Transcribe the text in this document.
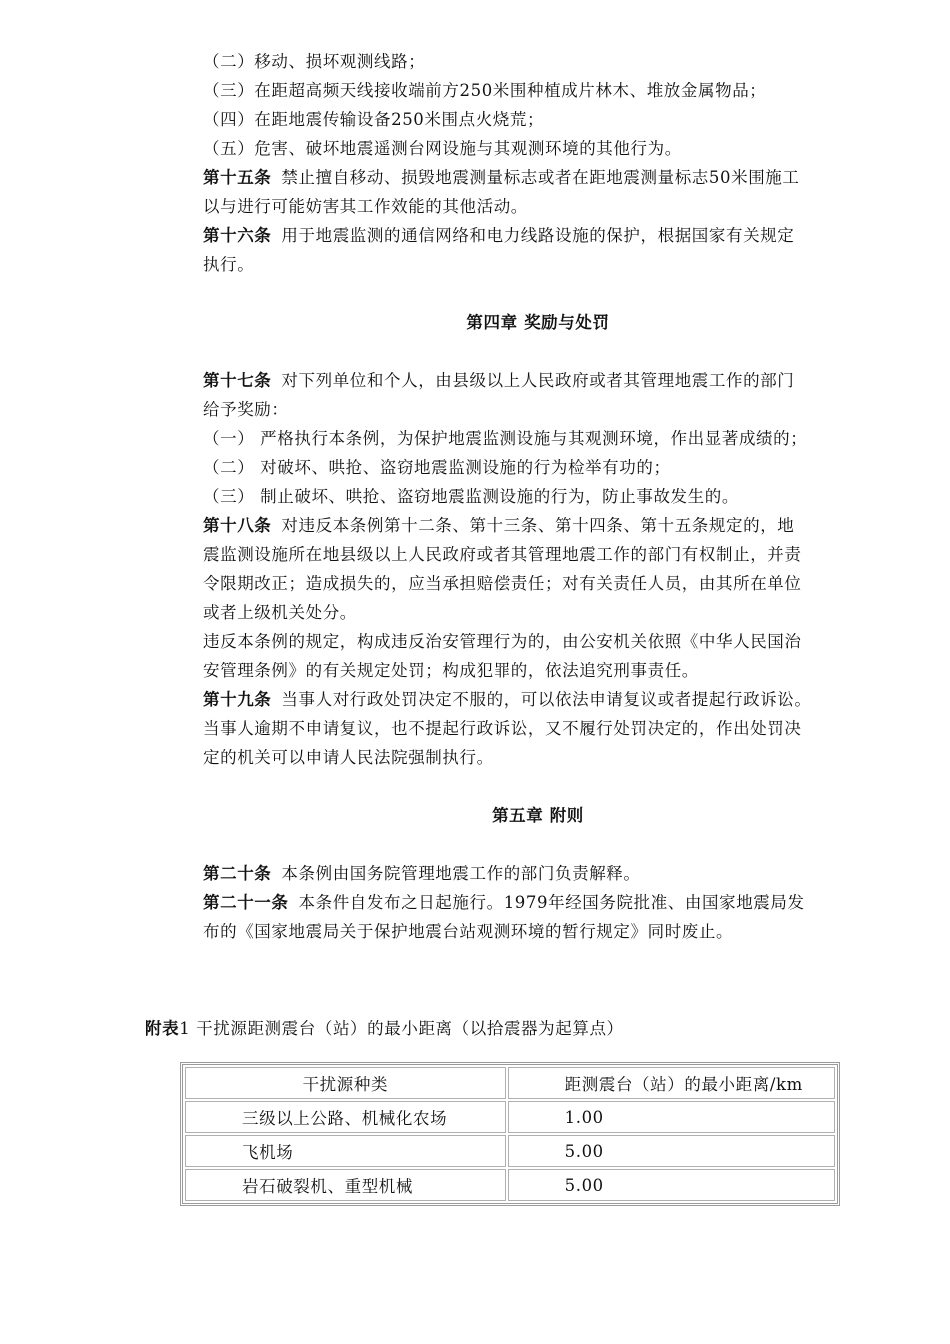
（二）移动、损坏观测线路；
（三）在距超高频天线接收端前方250米围种植成片林木、堆放金属物品；
（四）在距地震传输设备250米围点火烧荒；
（五）危害、破坏地震遥测台网设施与其观测环境的其他行为。
第十五条 禁止擅自移动、损毁地震测量标志或者在距地震测量标志50米围施工
以与进行可能妨害其工作效能的其他活动。
第十六条 用于地震监测的通信网络和电力线路设施的保护，根据国家有关规定
执行。
第四章 奖励与处罚
第十七条 对下列单位和个人，由县级以上人民政府或者其管理地震工作的部门
给予奖励：
（一） 严格执行本条例，为保护地震监测设施与其观测环境，作出显著成绩的；
（二） 对破坏、哄抢、盗窃地震监测设施的行为检举有功的；
（三） 制止破坏、哄抢、盗窃地震监测设施的行为，防止事故发生的。
第十八条 对违反本条例第十二条、第十三条、第十四条、第十五条规定的，地
震监测设施所在地县级以上人民政府或者其管理地震工作的部门有权制止，并责
令限期改正；造成损失的，应当承担赔偿责任；对有关责任人员，由其所在单位
或者上级机关处分。
违反本条例的规定，构成违反治安管理行为的，由公安机关依照《中华人民国治
安管理条例》的有关规定处罚；构成犯罪的，依法追究刑事责任。
第十九条 当事人对行政处罚决定不服的，可以依法申请复议或者提起行政诉讼。
当事人逾期不申请复议，也不提起行政诉讼，又不履行处罚决定的，作出处罚决
定的机关可以申请人民法院强制执行。
第五章 附则
第二十条 本条例由国务院管理地震工作的部门负责解释。
第二十一条 本条件自发布之日起施行。1979年经国务院批准、由国家地震局发
布的《国家地震局关于保护地震台站观测环境的暂行规定》同时废止。
附表1 干扰源距测震台（站）的最小距离（以拾震器为起算点）
干扰源种类	距测震台（站）的最小距离/km
三级以上公路、机械化农场	1.00
飞机场	5.00
岩石破裂机、重型机械	5.00
